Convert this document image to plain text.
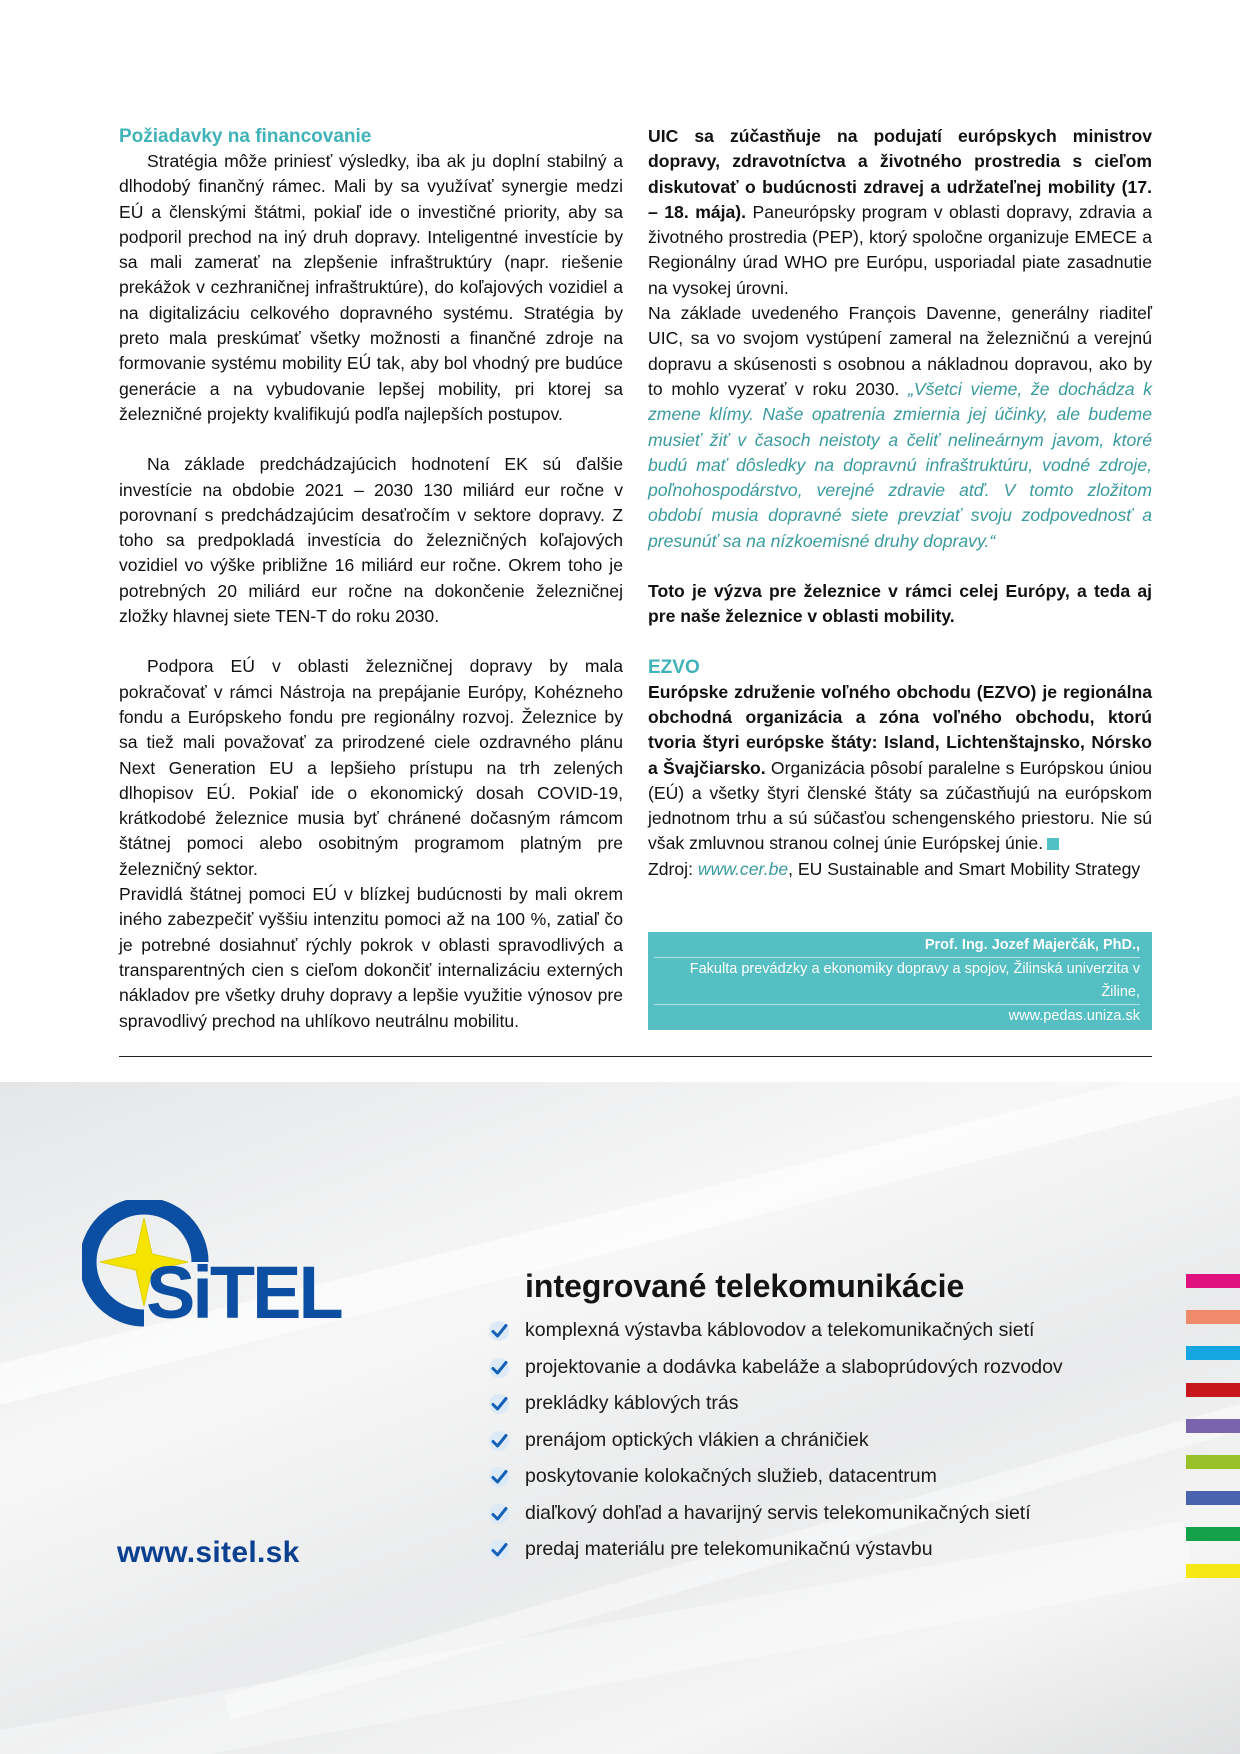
Požiadavky na financovanie

Stratégia môže priniesť výsledky, iba ak ju doplní stabilný a dlhodobý finančný rámec. Mali by sa využívať synergie medzi EÚ a členskými štátmi, pokiaľ ide o investičné priority, aby sa podporil prechod na iný druh dopravy. Inteligentné investície by sa mali zamerať na zlepšenie infraštruktúry (napr. riešenie prekážok v cezhraničnej infraštruktúre), do koľajových vozidiel a na digitalizáciu celkového dopravného systému. Stratégia by preto mala preskúmať všetky možnosti a finančné zdroje na formovanie systému mobility EÚ tak, aby bol vhodný pre budúce generácie a na vybudovanie lepšej mobility, pri ktorej sa železničné projekty kvalifikujú podľa najlepších postupov.

Na základe predchádzajúcich hodnotení EK sú ďalšie investície na obdobie 2021 – 2030 130 miliárd eur ročne v porovnaní s predchádzajúcim desaťročím v sektore dopravy. Z toho sa predpokladá investícia do železničných koľajových vozidiel vo výške približne 16 miliárd eur ročne. Okrem toho je potrebných 20 miliárd eur ročne na dokončenie železničnej zložky hlavnej siete TEN-T do roku 2030.

Podpora EÚ v oblasti železničnej dopravy by mala pokračovať v rámci Nástroja na prepájanie Európy, Kohézneho fondu a Európskeho fondu pre regionálny rozvoj. Železnice by sa tiež mali považovať za prirodzené ciele ozdravného plánu Next Generation EU a lepšieho prístupu na trh zelených dlhopisov EÚ. Pokiaľ ide o ekonomický dosah COVID-19, krátkodobé železnice musia byť chránené dočasným rámcom štátnej pomoci alebo osobitným programom platným pre železničný sektor.

Pravidlá štátnej pomoci EÚ v blízkej budúcnosti by mali okrem iného zabezpečiť vyššiu intenzitu pomoci až na 100 %, zatiaľ čo je potrebné dosiahnuť rýchly pokrok v oblasti spravodlivých a transparentných cien s cieľom dokončiť internalizáciu externých nákladov pre všetky druhy dopravy a lepšie využitie výnosov pre spravodlivý prechod na uhlíkovo neutrálnu mobilitu.

UIC sa zúčastňuje na podujatí európskych ministrov dopravy, zdravotníctva a životného prostredia s cieľom diskutovať o budúcnosti zdravej a udržateľnej mobility (17. – 18. mája). Paneurópsky program v oblasti dopravy, zdravia a životného prostredia (PEP), ktorý spoločne organizuje EMECE a Regionálny úrad WHO pre Európu, usporiadal piate zasadnutie na vysokej úrovni.

Na základe uvedeného François Davenne, generálny riaditeľ UIC, sa vo svojom vystúpení zameral na železničnú a verejnú dopravu a skúsenosti s osobnou a nákladnou dopravou, ako by to mohlo vyzerať v roku 2030. „Všetci vieme, že dochádza k zmene klímy. Naše opatrenia zmiernia jej účinky, ale budeme musieť žiť v časoch neistoty a čeliť nelineárnym javom, ktoré budú mať dôsledky na dopravnú infraštruktúru, vodné zdroje, poľnohospodárstvo, verejné zdravie atď. V tomto zložitom období musia dopravné siete prevziať svoju zodpovednosť a presunúť sa na nízkoemisné druhy dopravy.“

Toto je výzva pre železnice v rámci celej Európy, a teda aj pre naše železnice v oblasti mobility.

EZVO

Európske združenie voľného obchodu (EZVO) je regionálna obchodná organizácia a zóna voľného obchodu, ktorú tvoria štyri európske štáty: Island, Lichtenštajnsko, Nórsko a Švajčiarsko. Organizácia pôsobí paralelne s Európskou úniou (EÚ) a všetky štyri členské štáty sa zúčastňujú na európskom jednotnom trhu a sú súčasťou schengenského priestoru. Nie sú však zmluvnou stranou colnej únie Európskej únie.

Zdroj: www.cer.be, EU Sustainable and Smart Mobility Strategy

Prof. Ing. Jozef Majerčák, PhD.,
Fakulta prevádzky a ekonomiky dopravy a spojov, Žilinská univerzita v Žiline,
www.pedas.uniza.sk
SiTEL	integrované telekomunikácie
komplexná výstavba káblovodov a telekomunikačných sietí
projektovanie a dodávka kabeláže a slaboprúdových rozvodov
prekládky káblových trás
prenájom optických vlákien a chráničiek
poskytovanie kolokačných služieb, datacentrum
diaľkový dohľad a havarijný servis telekomunikačných sietí
predaj materiálu pre telekomunikačnú výstavbu
www.sitel.sk
